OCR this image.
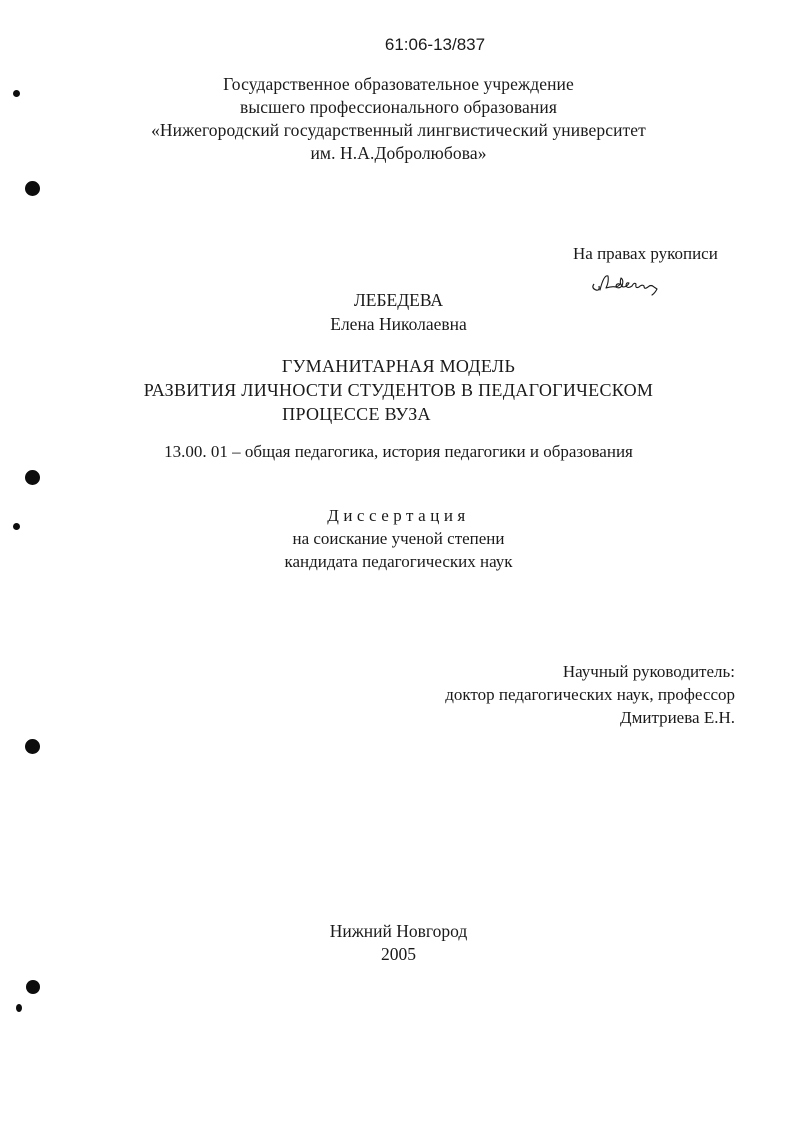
61:06-13/837
Государственное образовательное учреждение
высшего профессионального образования
«Нижегородский государственный лингвистический университет
им. Н.А.Добролюбова»
На правах рукописи
ЛЕБЕДЕВА
Елена Николаевна
ГУМАНИТАРНАЯ МОДЕЛЬ
РАЗВИТИЯ ЛИЧНОСТИ СТУДЕНТОВ В ПЕДАГОГИЧЕСКОМ
ПРОЦЕССЕ ВУЗА
13.00. 01 – общая педагогика, история педагогики и образования
Диссертация
на соискание ученой степени
кандидата педагогических наук
Научный руководитель:
доктор педагогических наук, профессор
Дмитриева Е.Н.
Нижний Новгород
2005
